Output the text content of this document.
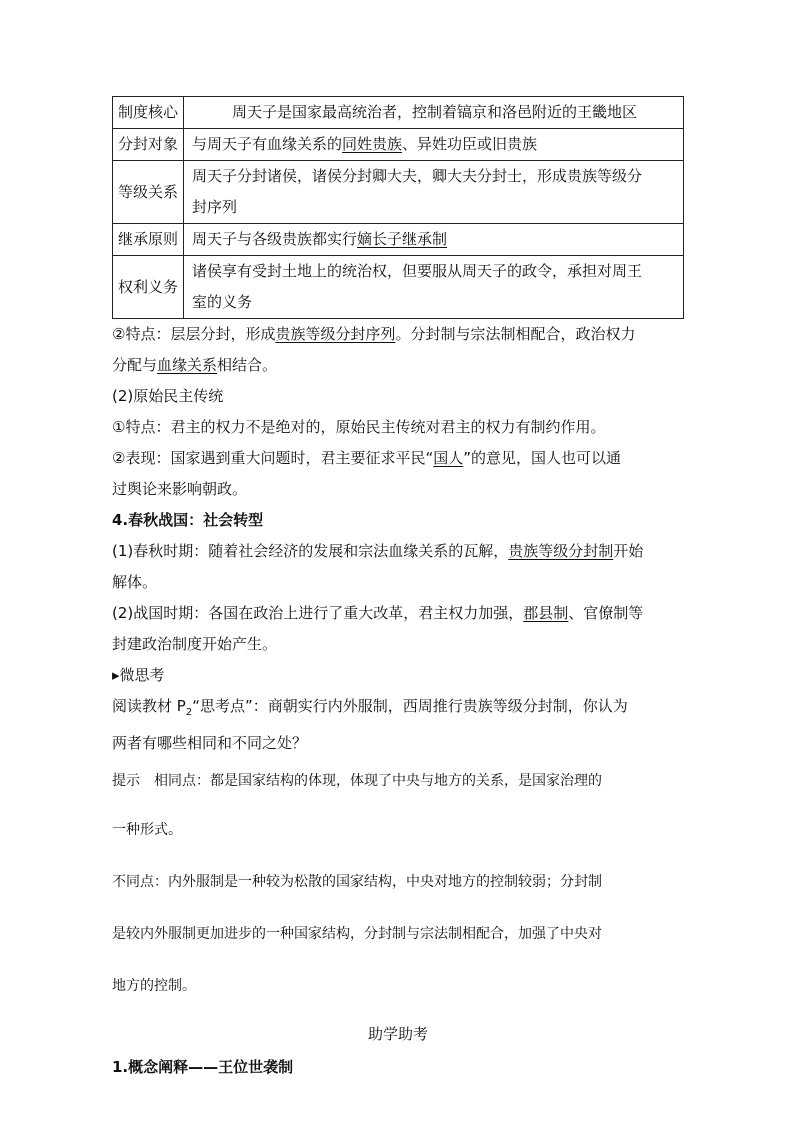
制度核心	周天子是国家最高统治者，控制着镐京和洛邑附近的王畿地区
分封对象	与周天子有血缘关系的同姓贵族、异姓功臣或旧贵族
等级关系	周天子分封诸侯，诸侯分封卿大夫，卿大夫分封士，形成贵族等级分
封序列

继承原则	周天子与各级贵族都实行嫡长子继承制
权利义务	诸侯享有受封土地上的统治权，但要服从周天子的政令，承担对周王
室的义务

②特点：层层分封，形成贵族等级分封序列。分封制与宗法制相配合，政治权力
分配与血缘关系相结合。

(2)原始民主传统

①特点：君主的权力不是绝对的，原始民主传统对君主的权力有制约作用。

②表现：国家遇到重大问题时，君主要征求平民“国人”的意见，国人也可以通
过舆论来影响朝政。

4.春秋战国：社会转型

(1)春秋时期：随着社会经济的发展和宗法血缘关系的瓦解，贵族等级分封制开始
解体。

(2)战国时期：各国在政治上进行了重大改革，君主权力加强，郡县制、官僚制等
封建政治制度开始产生。

▸微思考

阅读教材 $P_2“$思考点”：商朝实行内外服制，西周推行贵族等级分封制，你认为
两者有哪些相同和不同之处？

提示　相同点：都是国家结构的体现，体现了中央与地方的关系，是国家治理的

一种形式。

不同点：内外服制是一种较为松散的国家结构，中央对地方的控制较弱；分封制

是较内外服制更加进步的一种国家结构，分封制与宗法制相配合，加强了中央对

地方的控制。

助学助考

1.概念阐释——王位世袭制
